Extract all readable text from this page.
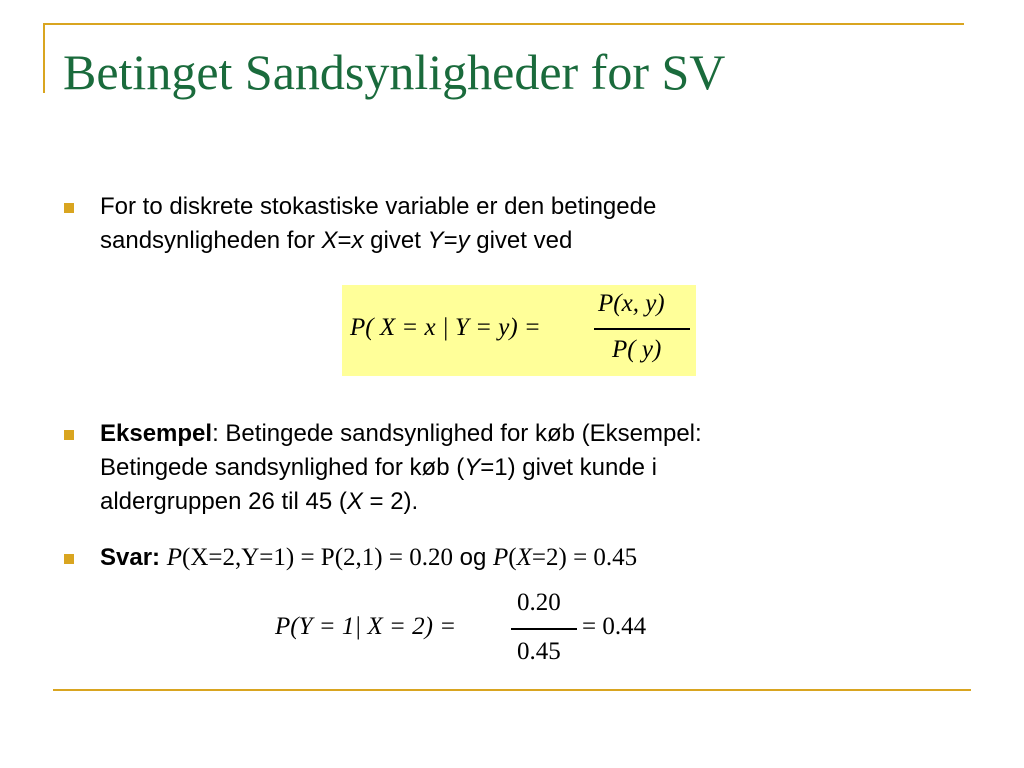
Betinget Sandsynligheder for SV
For to diskrete stokastiske variable er den betingede
sandsynligheden for X=x givet Y=y givet ved
P( X = x | Y = y) =
P(x, y)
P( y)
Eksempel: Betingede sandsynlighed for køb (Eksempel:
Betingede sandsynlighed for køb (Y=1) givet kunde i
aldergruppen 26 til 45 (X = 2).
Svar: P(X=2,Y=1) = P(2,1) = 0.20 og P(X=2) = 0.45
P(Y = 1| X = 2) =
0.20
0.45
= 0.44
